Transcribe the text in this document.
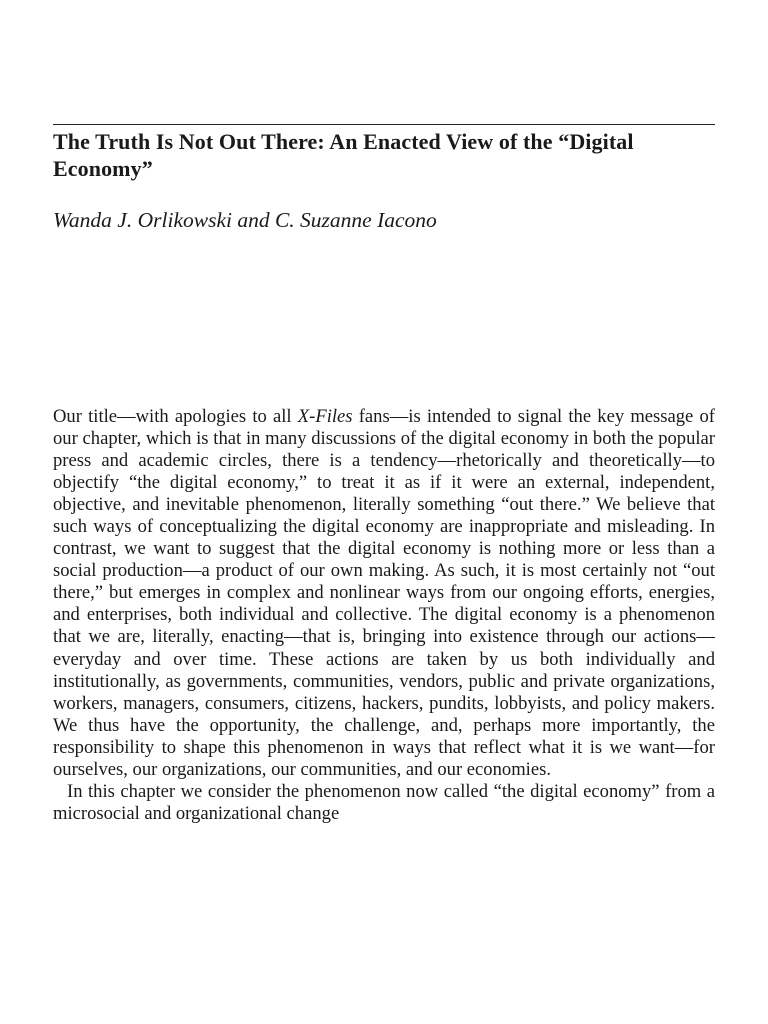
The Truth Is Not Out There: An Enacted View of the “Digital Economy”

Wanda J. Orlikowski and C. Suzanne Iacono

Our title—with apologies to all X-Files fans—is intended to signal the key message of our chapter, which is that in many discussions of the digital economy in both the popular press and academic circles, there is a tendency—rhetorically and theoretically—to objectify “the digital economy,” to treat it as if it were an external, independent, objective, and inevitable phenomenon, literally something “out there.” We believe that such ways of conceptualizing the digital economy are inappropriate and misleading. In contrast, we want to suggest that the digital economy is nothing more or less than a social production—a product of our own making. As such, it is most certainly not “out there,” but emerges in complex and nonlinear ways from our ongoing efforts, energies, and enterprises, both individual and collective. The digital economy is a phenomenon that we are, literally, enacting—that is, bringing into existence through our actions—everyday and over time. These actions are taken by us both individually and institutionally, as governments, communities, vendors, public and private organizations, workers, managers, consumers, citizens, hackers, pundits, lobbyists, and policy makers. We thus have the opportunity, the challenge, and, perhaps more importantly, the responsibility to shape this phenomenon in ways that reflect what it is we want—for ourselves, our organizations, our communities, and our economies.

In this chapter we consider the phenomenon now called “the digital economy” from a microsocial and organizational change
